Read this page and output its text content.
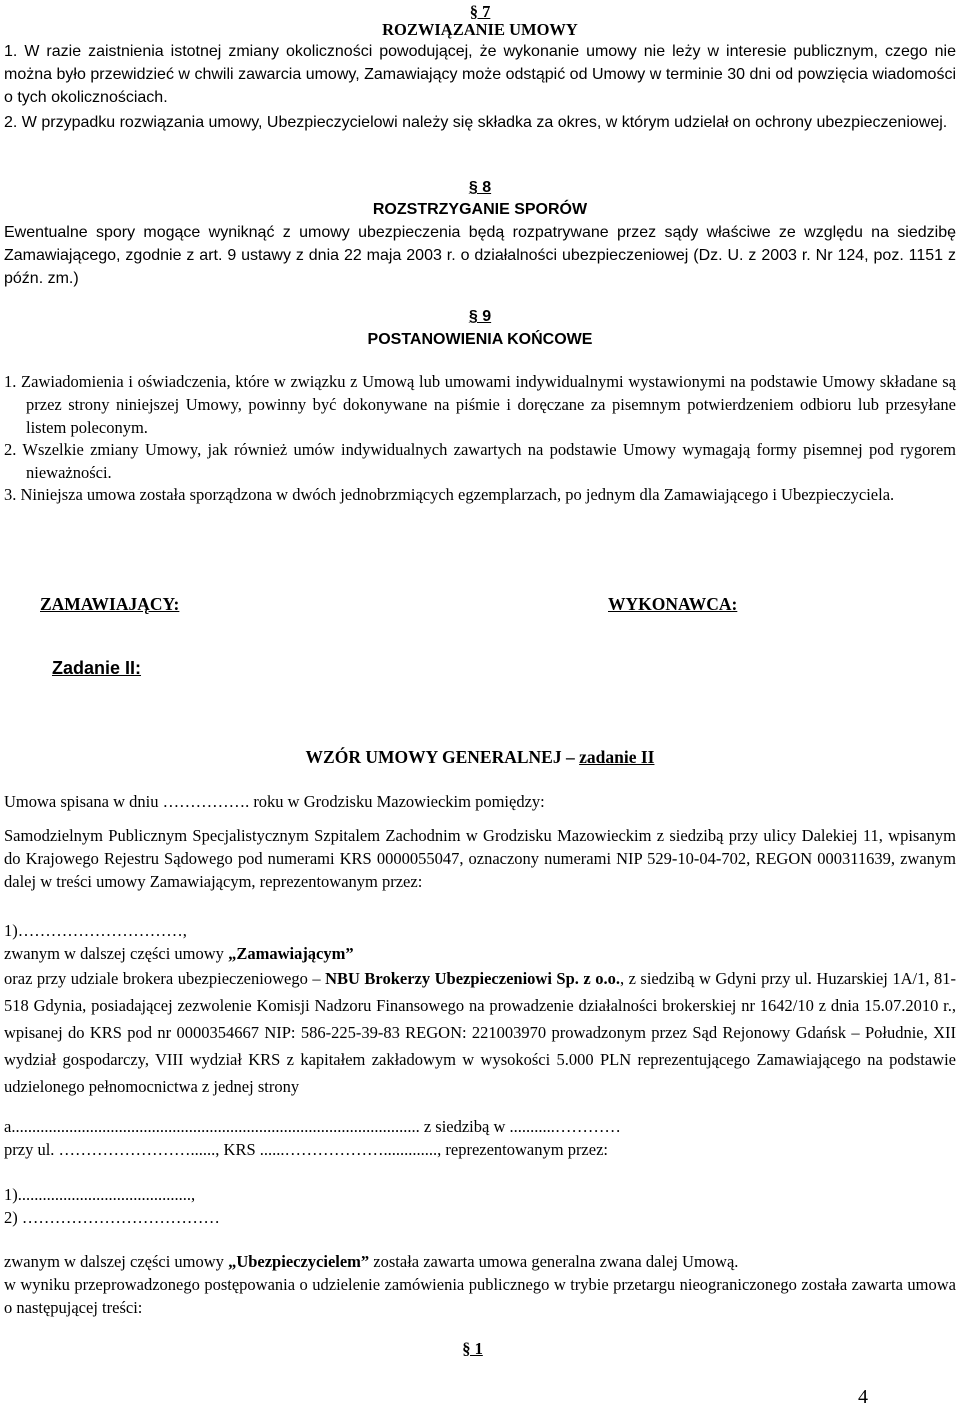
§ 7
ROZWIĄZANIE UMOWY

1. W razie zaistnienia istotnej zmiany okoliczności powodującej, że wykonanie umowy nie leży w interesie publicznym, czego nie można było przewidzieć w chwili zawarcia umowy, Zamawiający może odstąpić od Umowy w terminie 30 dni od powzięcia wiadomości o tych okolicznościach.

2. W przypadku rozwiązania umowy, Ubezpieczycielowi należy się składka za okres, w którym udzielał on ochrony ubezpieczeniowej.

§ 8
ROZSTRZYGANIE SPORÓW

Ewentualne spory mogące wyniknąć z umowy ubezpieczenia będą rozpatrywane przez sądy właściwe ze względu na siedzibę Zamawiającego, zgodnie z art. 9 ustawy z dnia 22 maja 2003 r. o działalności ubezpieczeniowej (Dz. U. z 2003 r. Nr 124, poz. 1151 z późn. zm.)

§ 9
POSTANOWIENIA KOŃCOWE

1. Zawiadomienia i oświadczenia, które w związku z Umową lub umowami indywidualnymi wystawionymi na podstawie Umowy składane są przez strony niniejszej Umowy, powinny być dokonywane na piśmie i doręczane za pisemnym potwierdzeniem odbioru lub przesyłane listem poleconym.

2. Wszelkie zmiany Umowy, jak również umów indywidualnych zawartych na podstawie Umowy wymagają formy pisemnej pod rygorem nieważności.

3. Niniejsza umowa została sporządzona w dwóch jednobrzmiących egzemplarzach, po jednym dla Zamawiającego i Ubezpieczyciela.

ZAMAWIAJĄCY:	WYKONAWCA:
Zadanie II:
WZÓR UMOWY GENERALNEJ – zadanie II

Umowa spisana w dniu ……………. roku w Grodzisku Mazowieckim pomiędzy:

Samodzielnym Publicznym Specjalistycznym Szpitalem Zachodnim w Grodzisku Mazowieckim z siedzibą przy ulicy Dalekiej 11, wpisanym do Krajowego Rejestru Sądowego pod numerami KRS 0000055047, oznaczony numerami NIP 529-10-04-702, REGON 000311639, zwanym dalej w treści umowy Zamawiającym, reprezentowanym przez:

1)…………………………,

zwanym w dalszej części umowy „Zamawiającym”

oraz przy udziale brokera ubezpieczeniowego – NBU Brokerzy Ubezpieczeniowi Sp. z o.o., z siedzibą w Gdyni przy ul. Huzarskiej 1A/1, 81-518 Gdynia, posiadającej zezwolenie Komisji Nadzoru Finansowego na prowadzenie działalności brokerskiej nr 1642/10 z dnia 15.07.2010 r., wpisanej do KRS pod nr 0000354667 NIP: 586-225-39-83 REGON: 221003970 prowadzonym przez Sąd Rejonowy Gdańsk – Południe, XII wydział gospodarczy, VIII wydział KRS z kapitałem zakładowym w wysokości 5.000 PLN reprezentującego Zamawiającego na podstawie udzielonego pełnomocnictwa z jednej strony

a................................................................................................... z siedzibą w ...........…………

przy ul. ……………………......, KRS ......………………............., reprezentowanym przez:

1)..........................................,

2) ………………………………

zwanym w dalszej części umowy „Ubezpieczycielem” została zawarta umowa generalna zwana dalej Umową.

w wyniku przeprowadzonego postępowania o udzielenie zamówienia publicznego w trybie przetargu nieograniczonego została zawarta umowa o następującej treści:

§ 1
4
